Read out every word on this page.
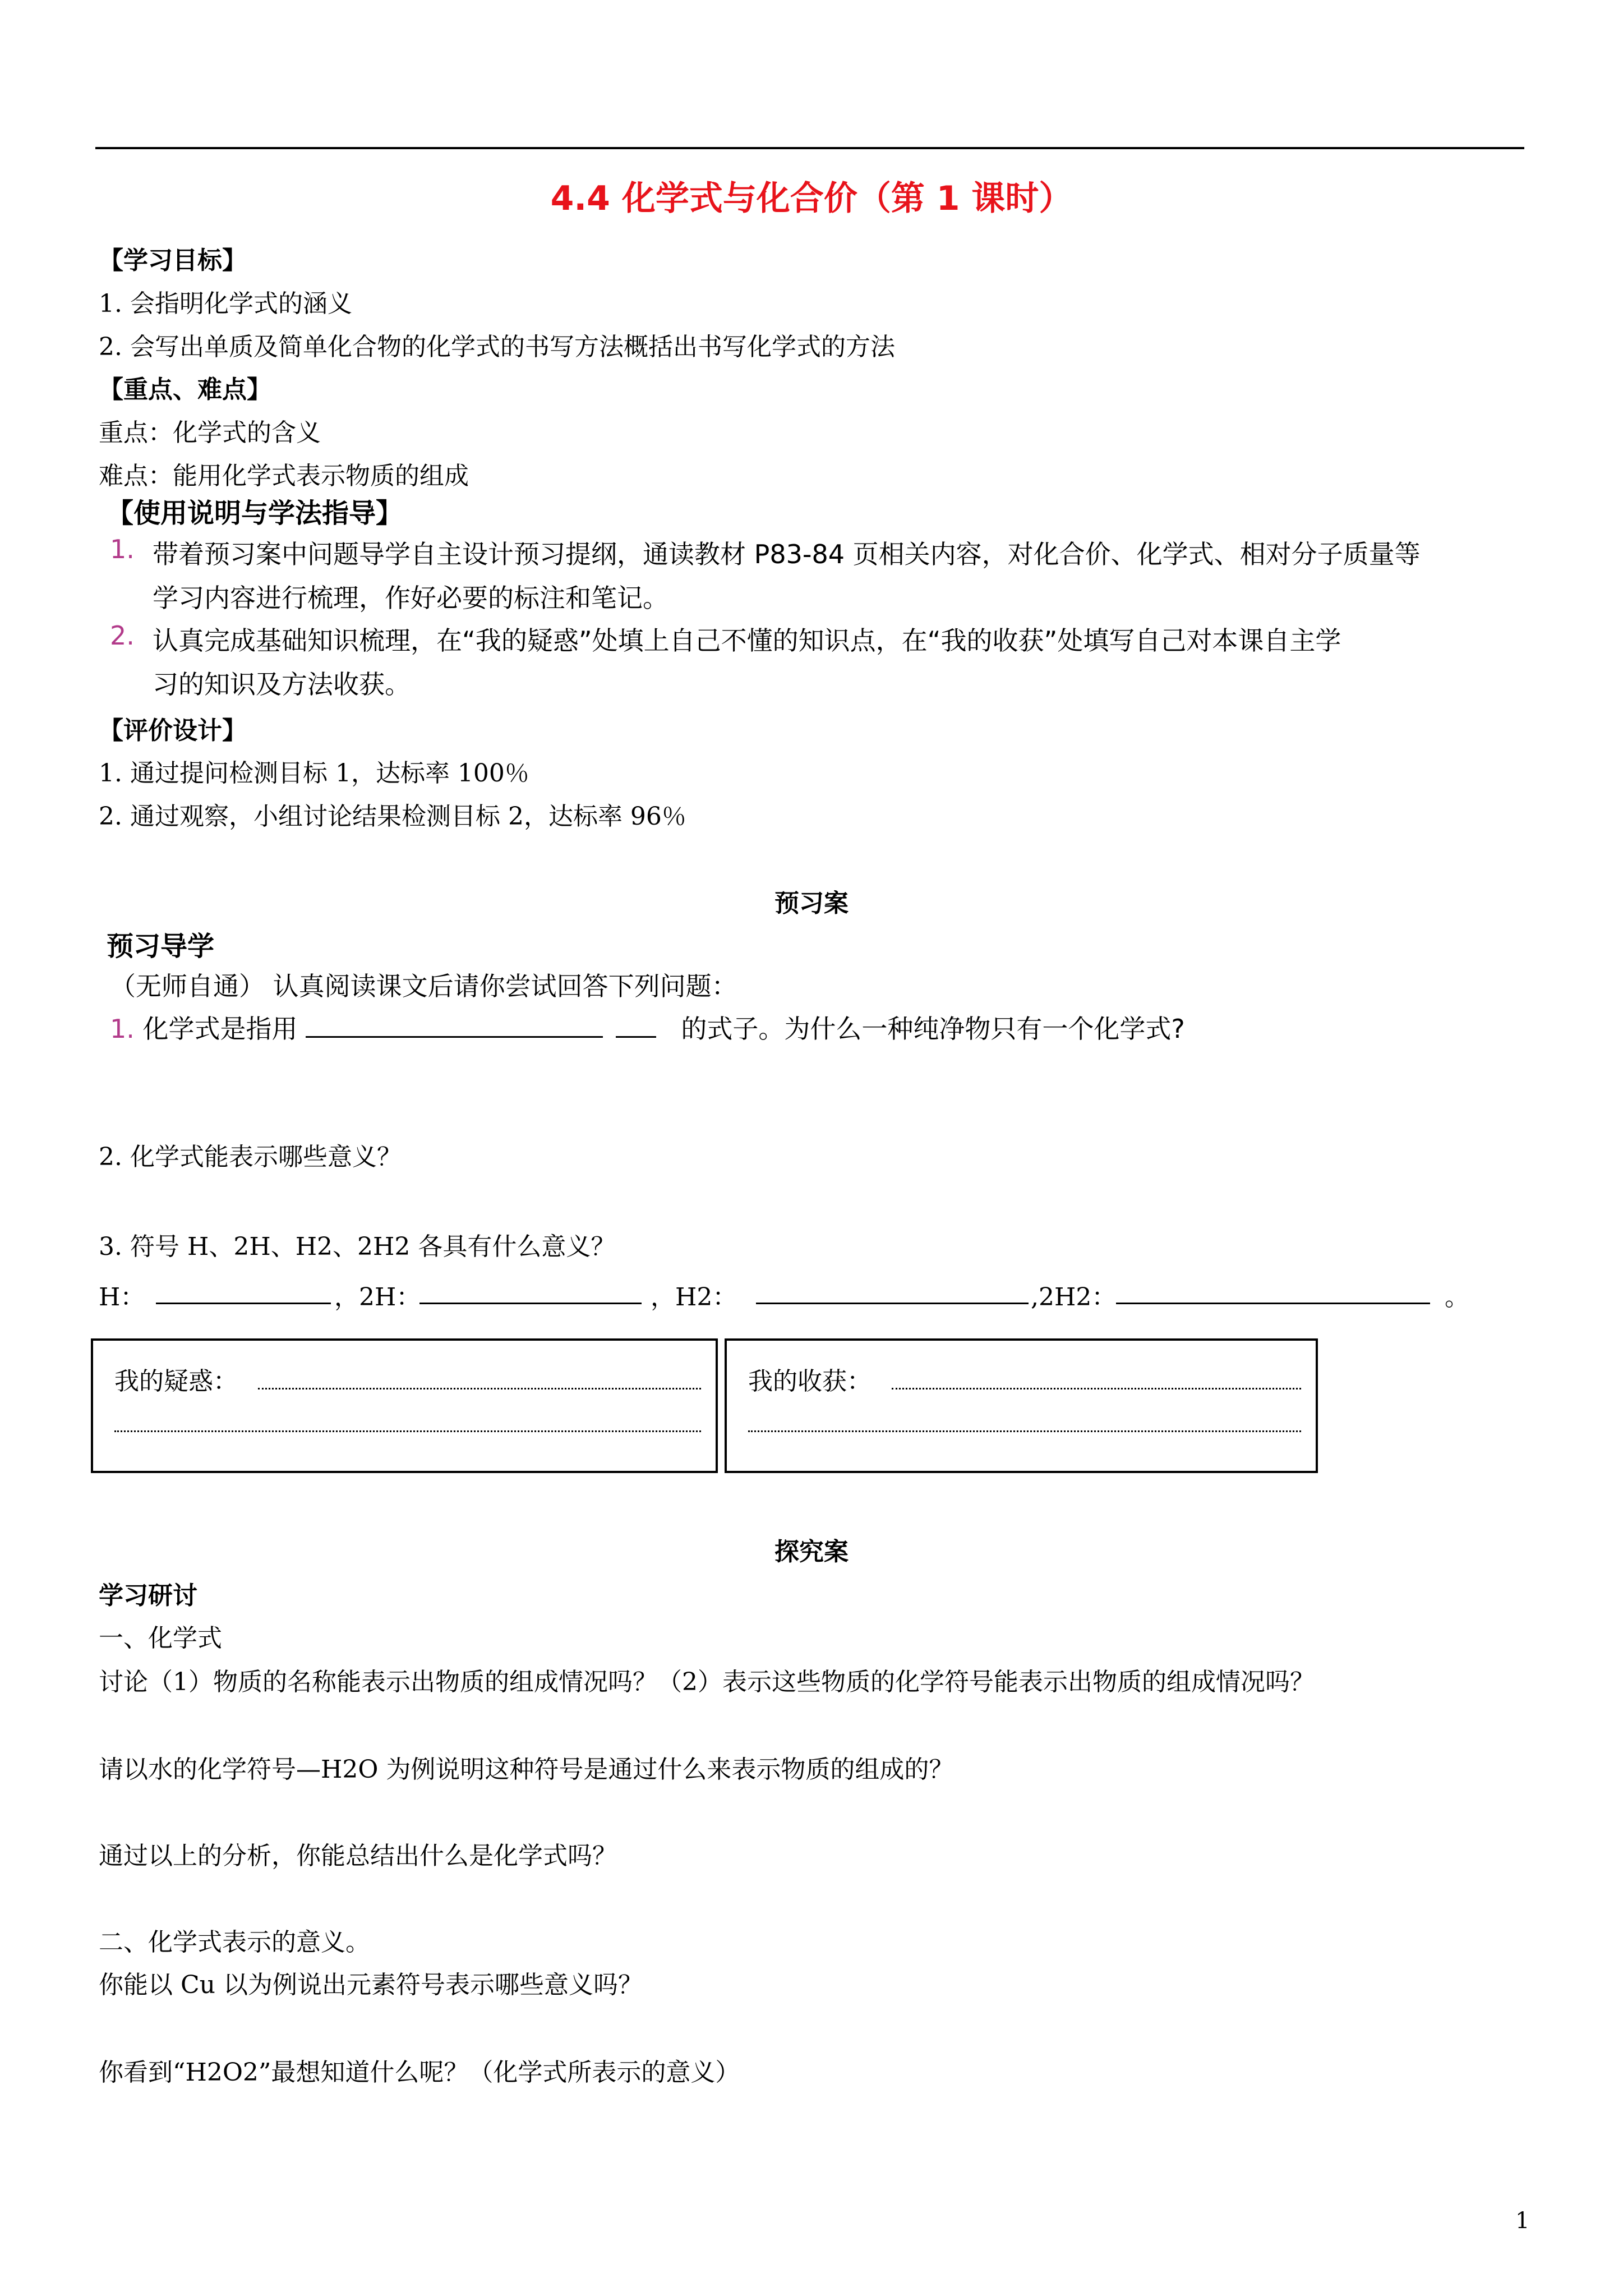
4.4 化学式与化合价（第 1 课时）
【学习目标】
1. 会指明化学式的涵义
2. 会写出单质及简单化合物的化学式的书写方法概括出书写化学式的方法
【重点、难点】
重点：化学式的含义
难点：能用化学式表示物质的组成
【使用说明与学法指导】
1. 带着预习案中问题导学自主设计预习提纲，通读教材 P83-84 页相关内容，对化合价、化学式、相对分子质量等
学习内容进行梳理，作好必要的标注和笔记。
2. 认真完成基础知识梳理，在“我的疑惑”处填上自己不懂的知识点，在“我的收获”处填写自己对本课自主学
习的知识及方法收获。
【评价设计】
1. 通过提问检测目标 1，达标率 100％
2. 通过观察，小组讨论结果检测目标 2，达标率 96％
预习案
预习导学
（无师自通） 认真阅读课文后请你尝试回答下列问题：
1. 化学式是指用	的式子。为什么一种纯净物只有一个化学式?
2. 化学式能表示哪些意义？
3. 符号 H、2H、H2、2H2 各具有什么意义？
H：	，2H：	，H2：	,2H2：	。
我的疑惑：	我的收获：
探究案
学习研讨
一、化学式
讨论（1）物质的名称能表示出物质的组成情况吗？（2）表示这些物质的化学符号能表示出物质的组成情况吗？
请以水的化学符号—H2O 为例说明这种符号是通过什么来表示物质的组成的？
通过以上的分析，你能总结出什么是化学式吗？
二、化学式表示的意义。
你能以 Cu 以为例说出元素符号表示哪些意义吗？
你看到“H2O2”最想知道什么呢？（化学式所表示的意义）
1
